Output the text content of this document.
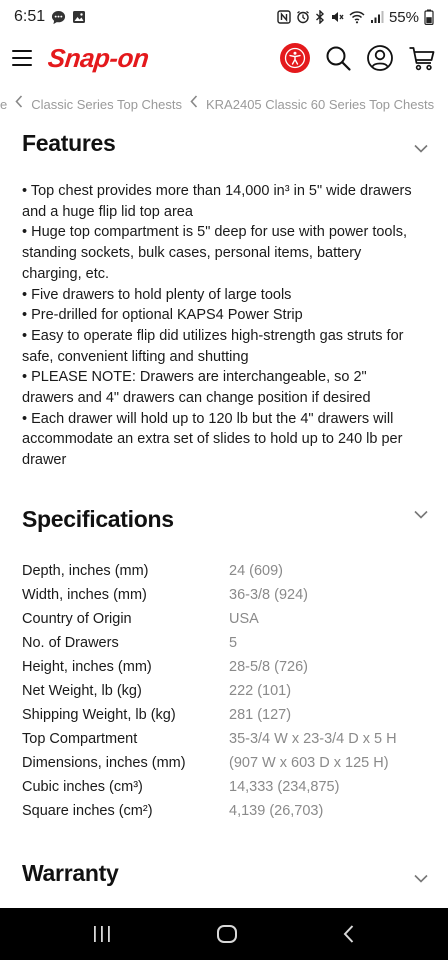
6:51	55%
Snap-on
e Classic Series Top Chests KRA2405 Classic 60 Series Top Chests
Features

• Top chest provides more than 14,000 in³ in 5" wide drawers and a huge flip lid top area

• Huge top compartment is 5" deep for use with power tools, standing sockets, bulk cases, personal items, battery charging, etc.

• Five drawers to hold plenty of large tools

• Pre-drilled for optional KAPS4 Power Strip

• Easy to operate flip did utilizes high-strength gas struts for safe, convenient lifting and shutting

• PLEASE NOTE: Drawers are interchangeable, so 2" drawers and 4" drawers can change position if desired

• Each drawer will hold up to 120 lb but the 4" drawers will accommodate an extra set of slides to hold up to 240 lb per drawer

Specifications
Depth, inches (mm)	24 (609)
Width, inches (mm)	36-3/8 (924)
Country of Origin	USA
No. of Drawers	5
Height, inches (mm)	28-5/8 (726)
Net Weight, lb (kg)	222 (101)
Shipping Weight, lb (kg)	281 (127)
Top Compartment	35-3/4 W x 23-3/4 D x 5 H
Dimensions, inches (mm)	(907 W x 603 D x 125 H)
Cubic inches (cm³)	14,333 (234,875)
Square inches (cm²)	4,139 (26,703)
Warranty
